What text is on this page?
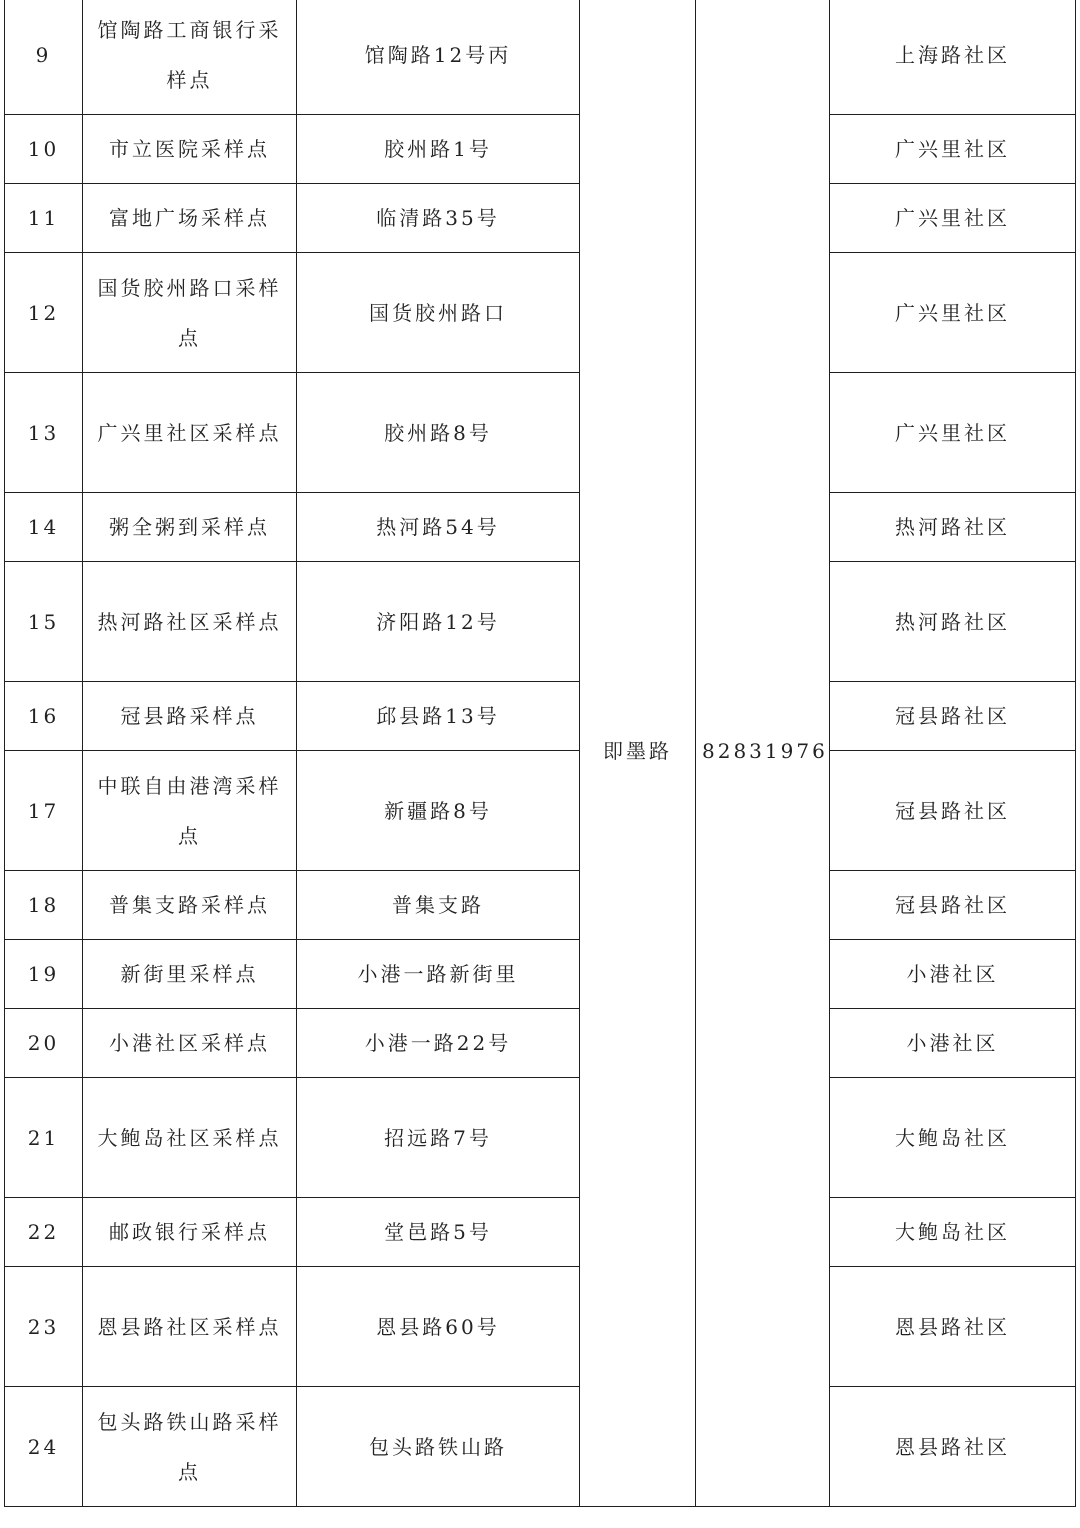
9	馆陶路工商银行采样点	馆陶路12号丙	即墨路	82831976	上海路社区
10	市立医院采样点	胶州路1号			广兴里社区
11	富地广场采样点	临清路35号			广兴里社区
12	国货胶州路口采样点	国货胶州路口			广兴里社区
13	广兴里社区采样点	胶州路8号			广兴里社区
14	粥全粥到采样点	热河路54号			热河路社区
15	热河路社区采样点	济阳路12号			热河路社区
16	冠县路采样点	邱县路13号			冠县路社区
17	中联自由港湾采样点	新疆路8号			冠县路社区
18	普集支路采样点	普集支路			冠县路社区
19	新街里采样点	小港一路新街里			小港社区
20	小港社区采样点	小港一路22号			小港社区
21	大鲍岛社区采样点	招远路7号			大鲍岛社区
22	邮政银行采样点	堂邑路5号			大鲍岛社区
23	恩县路社区采样点	恩县路60号			恩县路社区
24	包头路铁山路采样点	包头路铁山路			恩县路社区
